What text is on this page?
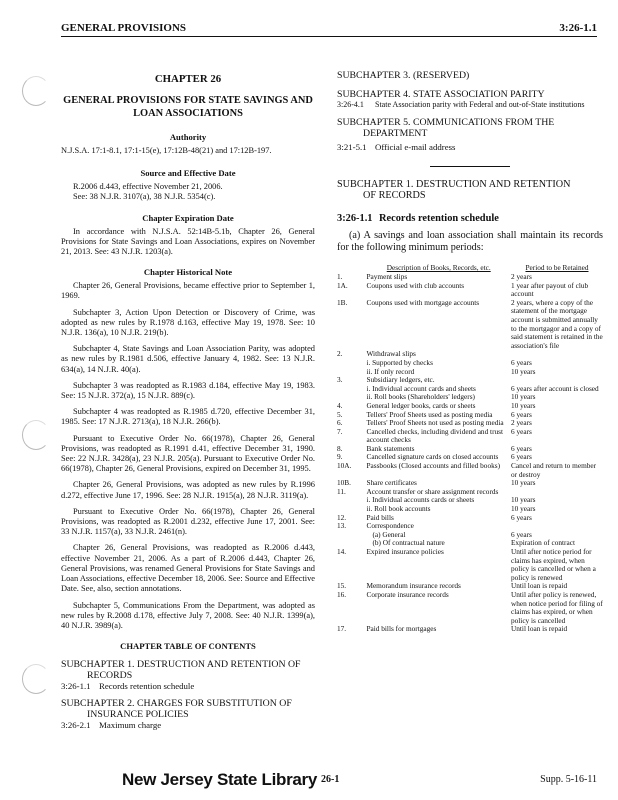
GENERAL PROVISIONS	3:26-1.1

CHAPTER 26

GENERAL PROVISIONS FOR STATE SAVINGS AND LOAN ASSOCIATIONS

Authority

N.J.S.A. 17:1-8.1, 17:1-15(e), 17:12B-48(21) and 17:12B-197.

Source and Effective Date

R.2006 d.443, effective November 21, 2006.

See: 38 N.J.R. 3107(a), 38 N.J.R. 5354(c).

Chapter Expiration Date

In accordance with N.J.S.A. 52:14B-5.1b, Chapter 26, General Provisions for State Savings and Loan Associations, expires on November 21, 2013. See: 43 N.J.R. 1203(a).

Chapter Historical Note

Chapter 26, General Provisions, became effective prior to September 1, 1969.

Subchapter 3, Action Upon Detection or Discovery of Crime, was adopted as new rules by R.1978 d.163, effective May 19, 1978. See: 10 N.J.R. 136(a), 10 N.J.R. 219(b).

Subchapter 4, State Savings and Loan Association Parity, was adopted as new rules by R.1981 d.506, effective January 4, 1982. See: 13 N.J.R. 634(a), 14 N.J.R. 40(a).

Subchapter 3 was readopted as R.1983 d.184, effective May 19, 1983. See: 15 N.J.R. 372(a), 15 N.J.R. 889(c).

Subchapter 4 was readopted as R.1985 d.720, effective December 31, 1985. See: 17 N.J.R. 2713(a), 18 N.J.R. 266(b).

Pursuant to Executive Order No. 66(1978), Chapter 26, General Provisions, was readopted as R.1991 d.41, effective December 31, 1990. See: 22 N.J.R. 3428(a), 23 N.J.R. 205(a). Pursuant to Executive Order No. 66(1978), Chapter 26, General Provisions, expired on December 31, 1995.

Chapter 26, General Provisions, was adopted as new rules by R.1996 d.272, effective June 17, 1996. See: 28 N.J.R. 1915(a), 28 N.J.R. 3119(a).

Pursuant to Executive Order No. 66(1978), Chapter 26, General Provisions, was readopted as R.2001 d.232, effective June 17, 2001. See: 33 N.J.R. 1157(a), 33 N.J.R. 2461(n).

Chapter 26, General Provisions, was readopted as R.2006 d.443, effective November 21, 2006. As a part of R.2006 d.443, Chapter 26, General Provisions, was renamed General Provisions for State Savings and Loan Associations, effective December 18, 2006. See: Source and Effective Date. See, also, section annotations.

Subchapter 5, Communications From the Department, was adopted as new rules by R.2008 d.178, effective July 7, 2008. See: 40 N.J.R. 1399(a), 40 N.J.R. 3989(a).

CHAPTER TABLE OF CONTENTS

SUBCHAPTER 1. DESTRUCTION AND RETENTION OF

RECORDS

3:26-1.1 Records retention schedule

SUBCHAPTER 2. CHARGES FOR SUBSTITUTION OF

INSURANCE POLICIES

3:26-2.1 Maximum charge

SUBCHAPTER 3. (RESERVED)

SUBCHAPTER 4. STATE ASSOCIATION PARITY

3:26-4.1	State Association parity with Federal and out-of-State institutions

SUBCHAPTER 5. COMMUNICATIONS FROM THE

DEPARTMENT

3:21-5.1 Official e-mail address

SUBCHAPTER 1. DESTRUCTION AND RETENTION

OF RECORDS

3:26-1.1 Records retention schedule

(a) A savings and loan association shall maintain its records for the following minimum periods:

	Description of Books, Records, etc.	Period to be Retained
1.	Payment slips	2 years
1A.	Coupons used with club accounts	1 year after payout of club account
1B.	Coupons used with mortgage accounts	2 years, where a copy of the statement of the mortgage account is submitted annually to the mortgagor and a copy of said statement is retained in the association's file
2.	Withdrawal slips	
	i. Supported by checks	6 years
	ii. If only record	10 years
3.	Subsidiary ledgers, etc.	
	i. Individual account cards and sheets	6 years after account is closed
	ii. Roll books (Shareholders' ledgers)	10 years
4.	General ledger books, cards or sheets	10 years
5.	Tellers' Proof Sheets used as posting media	6 years
6.	Tellers' Proof Sheets not used as posting media	2 years
7.	Cancelled checks, including dividend and trust account checks	6 years
8.	Bank statements	6 years
9.	Cancelled signature cards on closed accounts	6 years
10A.	Passbooks (Closed accounts and filled books)	Cancel and return to member or destroy
10B.	Share certificates	10 years
11.	Account transfer or share assignment records	
	i. Individual accounts cards or sheets	10 years
	ii. Roll book accounts	10 years
12.	Paid bills	6 years
13.	Correspondence	
	(a) General	6 years
	(b) Of contractual nature	Expiration of contract
14.	Expired insurance policies	Until after notice period for claims has expired, when policy is cancelled or when a policy is renewed
15.	Memorandum insurance records	Until loan is repaid
16.	Corporate insurance records	Until after policy is renewed, when notice period for filing of claims has expired, or when policy is cancelled
17.	Paid bills for mortgages	Until loan is repaid
New Jersey State Library 26-1	Supp. 5-16-11
